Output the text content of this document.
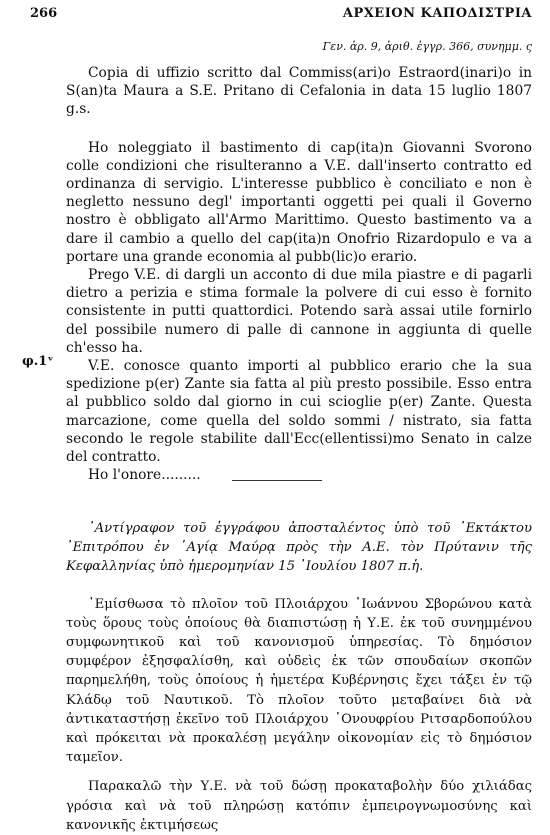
266	ΑΡΧΕΙΟΝ ΚΑΠΟΔΙΣΤΡΙΑ
Γεν. ἀρ. 9, ἀριθ. ἐγγρ. 366, συνημμ. ς

Copia di uffizio scritto dal Commiss(ari)o Estraord(inari)o in S(an)ta Maura a S.E. Pritano di Cefalonia in data 15 luglio 1807 g.s.

Ho noleggiato il bastimento di cap(ita)n Giovanni Svorono colle condizioni che risulteranno a V.E. dall'inserto contratto ed ordinanza di servigio. L'interesse pubblico è conciliato e non è negletto nessuno degl' importanti oggetti pei quali il Governo nostro è obbligato all'Armo Marittimo. Questo bastimento va a dare il cambio a quello del cap(ita)n Onofrio Rizardopulo e va a portare una grande economia al pubb(lic)o erario.

Prego V.E. di dargli un acconto di due mila piastre e di pagarli dietro a perizia e stima formale la polvere di cui esso è fornito consistente in putti quattordici. Potendo sarà assai utile fornirlo del possibile numero di palle di cannone in aggiunta di quelle ch'esso ha.

V.E. conosce quanto importi al pubblico erario che la sua spedizione p(er) Zante sia fatta al più presto possibile. Esso entra al pubblico soldo dal giorno in cui scioglie p(er) Zante. Questa marcazione, come quella del soldo sommi / nistrato, sia fatta secondo le regole stabilite dall'Ecc(ellentissi)mo Senato in calze del contratto.

Ho l'onore.........

φ.1ᵛ

᾿Αντίγραφον τοῦ ἐγγράφου ἀποσταλέντος ὑπὸ τοῦ ᾿Εκτάκτου ᾿Επιτρόπου ἐν ῾Αγίᾳ Μαύρᾳ πρὸς τὴν Α.Ε. τὸν Πρύτανιν τῆς Κεφαλληνίας ὑπὸ ἡμερομηνίαν 15 ᾿Ιουλίου 1807 π.ἡ.

᾿Εμίσθωσα τὸ πλοῖον τοῦ Πλοιάρχου ᾿Ιωάννου Σβορώνου κατὰ τοὺς ὅρους τοὺς ὁποίους θὰ διαπιστώσῃ ἡ Υ.Ε. ἐκ τοῦ συνημμένου συμφωνητικοῦ καὶ τοῦ κανονισμοῦ ὑπηρεσίας. Τὸ δημόσιον συμφέρον ἐξησφαλίσθη, καὶ οὐδεὶς ἐκ τῶν σπουδαίων σκοπῶν παρημελήθη, τοὺς ὁποίους ἡ ἡμετέρα Κυβέρνησις ἔχει τάξει ἐν τῷ Κλάδῳ τοῦ Ναυτικοῦ. Τὸ πλοῖον τοῦτο μεταβαίνει διὰ νὰ ἀντικαταστήσῃ ἐκεῖνο τοῦ Πλοιάρχου ᾿Ονουφρίου Ριτσαρδοπούλου καὶ πρόκειται νὰ προκαλέσῃ μεγάλην οἰκονομίαν εἰς τὸ δημόσιον ταμεῖον.

Παρακαλῶ τὴν Υ.Ε. νὰ τοῦ δώσῃ προκαταβολὴν δύο χιλιάδας γρόσια καὶ νὰ τοῦ πληρώσῃ κατόπιν ἐμπειρογνωμοσύνης καὶ κανονικῆς ἐκτιμήσεως
